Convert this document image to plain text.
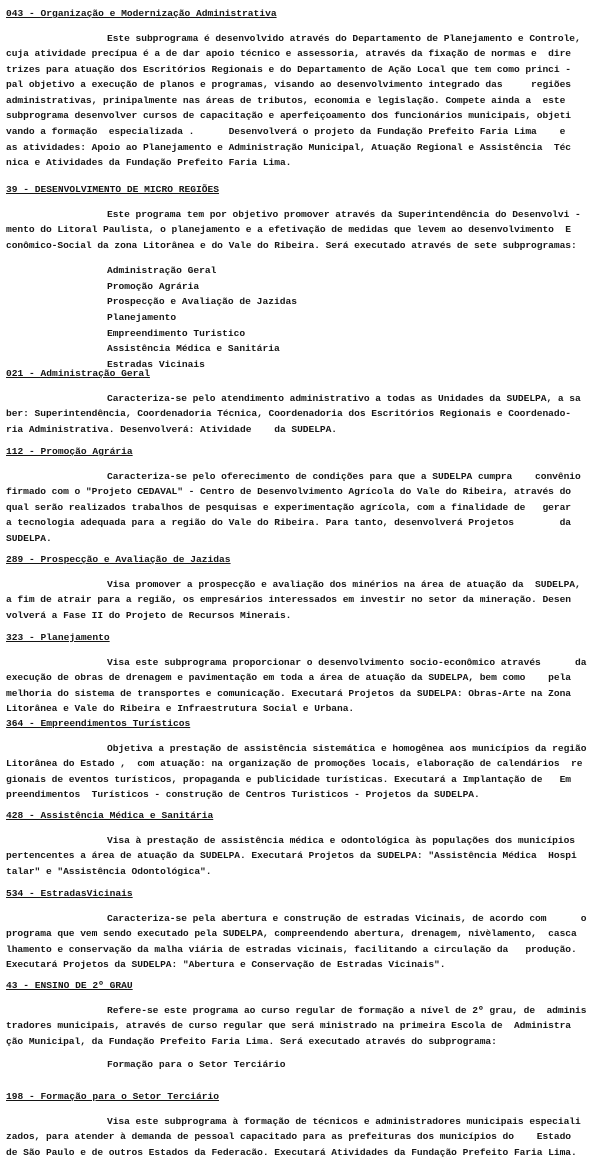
043 - Organização e Modernização Administrativa
Este subprograma é desenvolvido através do Departamento de Planejamento e Controle,
cuja atividade precípua é a de dar apoio técnico e assessoria, através da fixação de normas e  dire
trizes para atuação dos Escritórios Regionais e do Departamento de Ação Local que tem como princi -
pal objetivo a execução de planos e programas, visando ao desenvolvimento integrado das     regiões
administrativas, prinipalmente nas áreas de tributos, economia e legislação. Compete ainda a  este
subprograma desenvolver cursos de capacitação e aperfeiçoamento dos funcionários municipais, objeti
vando a formação  especializada .      Desenvolverá o projeto da Fundação Prefeito Faria Lima    e
as atividades: Apoio ao Planejamento e Administração Municipal, Atuação Regional e Assistência  Téc
nica e Atividades da Fundação Prefeito Faria Lima.
39 - DESENVOLVIMENTO DE MICRO REGIÕES
Este programa tem por objetivo promover através da Superintendência do Desenvolvi -
mento do Litoral Paulista, o planejamento e a efetivação de medidas que levem ao desenvolvimento  E
conômico-Social da zona Litorânea e do Vale do Ribeira. Será executado através de sete subprogramas:
Administração Geral
Promoção Agrária
Prospecção e Avaliação de Jazidas
Planejamento
Empreendimento Turistico
Assistência Médica e Sanitária
Estradas Vicinais
021 - Administração Geral
Caracteriza-se pelo atendimento administrativo a todas as Unidades da SUDELPA, a sa
ber: Superintendência, Coordenadoria Técnica, Coordenadoria dos Escritórios Regionais e Coordenado-
ria Administrativa. Desenvolverá: Atividade    da SUDELPA.
112 - Promoção Agrária
Caracteriza-se pelo oferecimento de condições para que a SUDELPA cumpra    convênio
firmado com o "Projeto CEDAVAL" - Centro de Desenvolvimento Agrícola do Vale do Ribeira, através do
qual serão realizados trabalhos de pesquisas e experimentação agrícola, com a finalidade de   gerar
a tecnologia adequada para a região do Vale do Ribeira. Para tanto, desenvolverá Projetos        da
SUDELPA.
289 - Prospecção e Avaliação de Jazidas
Visa promover a prospecção e avaliação dos minérios na área de atuação da  SUDELPA,
a fim de atrair para a região, os empresários interessados em investir no setor da mineração. Desen
volverá a Fase II do Projeto de Recursos Minerais.
323 - Planejamento
Visa este subprograma proporcionar o desenvolvimento socio-econômico através      da
execução de obras de drenagem e pavimentação em toda a área de atuação da SUDELPA, bem como    pela
melhoria do sistema de transportes e comunicação. Executará Projetos da SUDELPA: Obras-Arte na Zona
Litorânea e Vale do Ribeira e Infraestrutura Social e Urbana.
364 - Empreendimentos Turísticos
Objetiva a prestação de assistência sistemática e homogênea aos municípios da região
Litorânea do Estado ,  com atuação: na organização de promoções locais, elaboração de calendários  re
gionais de eventos turísticos, propaganda e publicidade turísticas. Executará a Implantação de   Em
preendimentos  Turísticos - construção de Centros Turisticos - Projetos da SUDELPA.
428 - Assistência Médica e Sanitária
Visa à prestação de assistência médica e odontológica às populações dos municípios
pertencentes a área de atuação da SUDELPA. Executará Projetos da SUDELPA: "Assistência Médica  Hospi
talar" e "Assistência Odontológica".
534 - EstradasVicinais
Caracteriza-se pela abertura e construção de estradas Vicinais, de acordo com      o
programa que vem sendo executado pela SUDELPA, compreendendo abertura, drenagem, nivèlamento,  casca
lhamento e conservação da malha viária de estradas vicinais, facilitando a circulação da   produção.
Executará Projetos da SUDELPA: "Abertura e Conservação de Estradas Vicinais".
43 - ENSINO DE 2º GRAU
Refere-se este programa ao curso regular de formação a nível de 2º grau, de  adminis
tradores municipais, através de curso regular que será ministrado na primeira Escola de  Administra
ção Municipal, da Fundação Prefeito Faria Lima. Será executado através do subprograma:
Formação para o Setor Terciário
198 - Formação para o Setor Terciário
Visa este subprograma à formação de técnicos e administradores municipais especiali
zados, para atender à demanda de pessoal capacitado para as prefeituras dos municípios do    Estado
de São Paulo e de outros Estados da Federacão. Executará Atividades da Fundação Prefeito Faria Lima.
